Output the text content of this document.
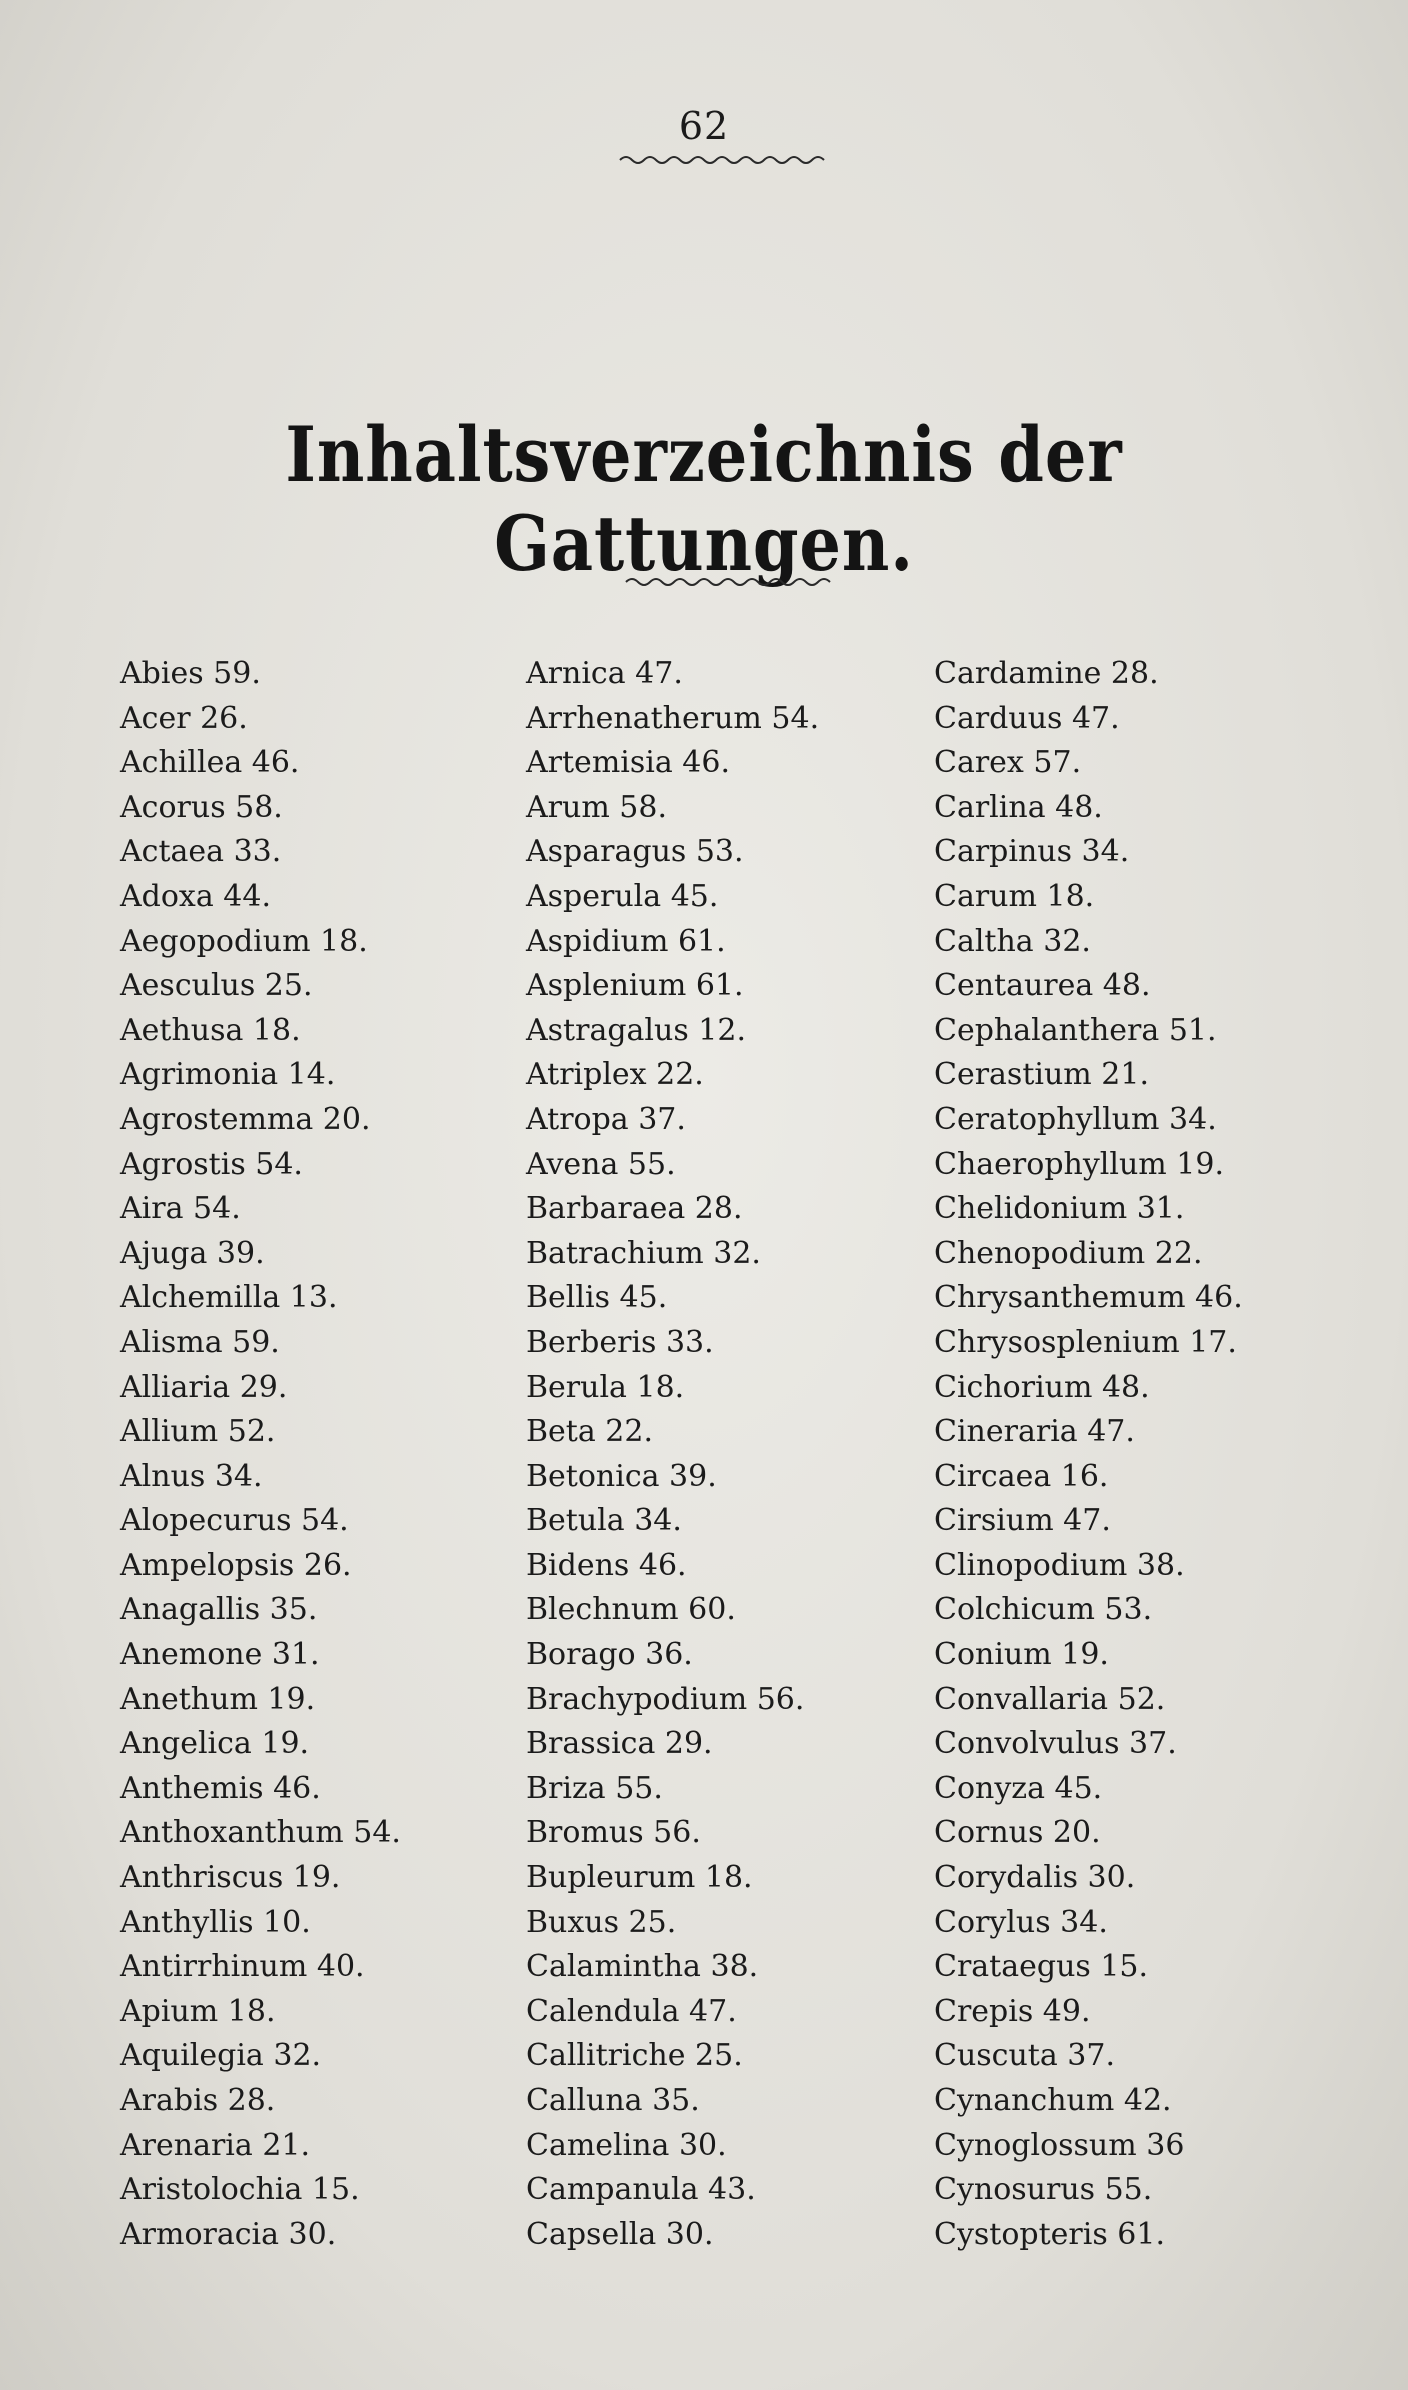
62
Inhaltsverzeichnis der Gattungen.
Abies 59.
Acer 26.
Achillea 46.
Acorus 58.
Actaea 33.
Adoxa 44.
Aegopodium 18.
Aesculus 25.
Aethusa 18.
Agrimonia 14.
Agrostemma 20.
Agrostis 54.
Aira 54.
Ajuga 39.
Alchemilla 13.
Alisma 59.
Alliaria 29.
Allium 52.
Alnus 34.
Alopecurus 54.
Ampelopsis 26.
Anagallis 35.
Anemone 31.
Anethum 19.
Angelica 19.
Anthemis 46.
Anthoxanthum 54.
Anthriscus 19.
Anthyllis 10.
Antirrhinum 40.
Apium 18.
Aquilegia 32.
Arabis 28.
Arenaria 21.
Aristolochia 15.
Armoracia 30.
Arnica 47.
Arrhenatherum 54.
Artemisia 46.
Arum 58.
Asparagus 53.
Asperula 45.
Aspidium 61.
Asplenium 61.
Astragalus 12.
Atriplex 22.
Atropa 37.
Avena 55.
Barbaraea 28.
Batrachium 32.
Bellis 45.
Berberis 33.
Berula 18.
Beta 22.
Betonica 39.
Betula 34.
Bidens 46.
Blechnum 60.
Borago 36.
Brachypodium 56.
Brassica 29.
Briza 55.
Bromus 56.
Bupleurum 18.
Buxus 25.
Calamintha 38.
Calendula 47.
Callitriche 25.
Calluna 35.
Camelina 30.
Campanula 43.
Capsella 30.
Cardamine 28.
Carduus 47.
Carex 57.
Carlina 48.
Carpinus 34.
Carum 18.
Caltha 32.
Centaurea 48.
Cephalanthera 51.
Cerastium 21.
Ceratophyllum 34.
Chaerophyllum 19.
Chelidonium 31.
Chenopodium 22.
Chrysanthemum 46.
Chrysosplenium 17.
Cichorium 48.
Cineraria 47.
Circaea 16.
Cirsium 47.
Clinopodium 38.
Colchicum 53.
Conium 19.
Convallaria 52.
Convolvulus 37.
Conyza 45.
Cornus 20.
Corydalis 30.
Corylus 34.
Crataegus 15.
Crepis 49.
Cuscuta 37.
Cynanchum 42.
Cynoglossum 36
Cynosurus 55.
Cystopteris 61.
